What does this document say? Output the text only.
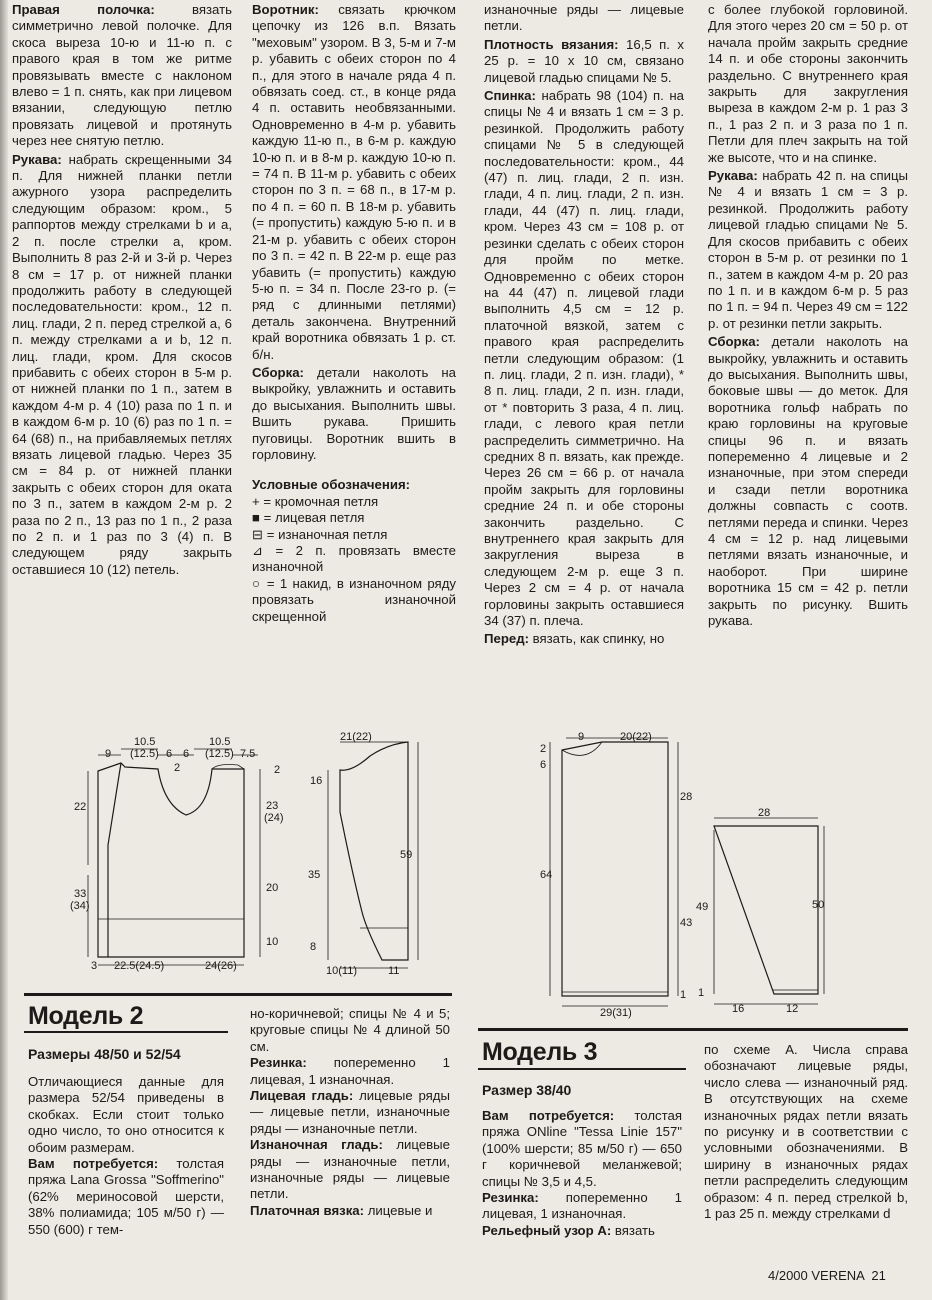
Правая полочка: вязать симметрично левой полочке. Для скоса выреза 10-ю и 11-ю п. с правого края в том же ритме провязывать вместе с наклоном влево = 1 п. снять, как при лицевом вязании, следующую петлю провязать лицевой и протянуть через нее снятую петлю.

Рукава: набрать скрещенными 34 п. Для нижней планки петли ажурного узора распределить следующим образом: кром., 5 раппортов между стрелками b и a, 2 п. после стрелки a, кром. Выполнить 8 раз 2-й и 3-й р. Через 8 см = 17 р. от нижней планки продолжить работу в следующей последовательности: кром., 12 п. лиц. глади, 2 п. перед стрелкой a, 6 п. между стрелками a и b, 12 п. лиц. глади, кром. Для скосов прибавить с обеих сторон в 5-м р. от нижней планки по 1 п., затем в каждом 4-м р. 4 (10) раза по 1 п. и в каждом 6-м р. 10 (6) раз по 1 п. = 64 (68) п., на прибавляемых петлях вязать лицевой гладью. Через 35 см = 84 р. от нижней планки закрыть с обеих сторон для оката по 3 п., затем в каждом 2-м р. 2 раза по 2 п., 13 раз по 1 п., 2 раза по 2 п. и 1 раз по 3 (4) п. В следующем ряду закрыть оставшиеся 10 (12) петель.

Воротник: связать крючком цепочку из 126 в.п. Вязать "меховым" узором. В 3, 5-м и 7-м р. убавить с обеих сторон по 4 п., для этого в начале ряда 4 п. обвязать соед. ст., в конце ряда 4 п. оставить необвязанными. Одновременно в 4-м р. убавить каждую 11-ю п., в 6-м р. каждую 10-ю п. и в 8-м р. каждую 10-ю п. = 74 п. В 11-м р. убавить с обеих сторон по 3 п. = 68 п., в 17-м р. по 4 п. = 60 п. В 18-м р. убавить (= пропустить) каждую 5-ю п. и в 21-м р. убавить с обеих сторон по 3 п. = 42 п. В 22-м р. еще раз убавить (= пропустить) каждую 5-ю п. = 34 п. После 23-го р. (= ряд с длинными петлями) деталь закончена. Внутренний край воротника обвязать 1 р. ст. б/н.

Сборка: детали наколоть на выкройку, увлажнить и оставить до высыхания. Выполнить швы. Вшить рукава. Пришить пуговицы. Воротник вшить в горловину.

Условные обозначения:

+ = кромочная петля

■ = лицевая петля

⊟ = изнаночная петля

⊿ = 2 п. провязать вместе изнаночной

○ = 1 накид, в изнаночном ряду провязать изнаночной скрещенной

изнаночные ряды — лицевые петли.

Плотность вязания: 16,5 п. х 25 р. = 10 х 10 см, связано лицевой гладью спицами № 5.

Спинка: набрать 98 (104) п. на спицы № 4 и вязать 1 см = 3 р. резинкой. Продолжить работу спицами № 5 в следующей последовательности: кром., 44 (47) п. лиц. глади, 2 п. изн. глади, 4 п. лиц. глади, 2 п. изн. глади, 44 (47) п. лиц. глади, кром. Через 43 см = 108 р. от резинки сделать с обеих сторон для пройм по метке. Одновременно с обеих сторон на 44 (47) п. лицевой глади выполнить 4,5 см = 12 р. платочной вязкой, затем с правого края распределить петли следующим образом: (1 п. лиц. глади, 2 п. изн. глади), * 8 п. лиц. глади, 2 п. изн. глади, от * повторить 3 раза, 4 п. лиц. глади, с левого края петли распределить симметрично. На средних 8 п. вязать, как прежде. Через 26 см = 66 р. от начала пройм закрыть для горловины средние 24 п. и обе стороны закончить раздельно. С внутреннего края закрыть для закругления выреза в следующем 2-м р. еще 3 п. Через 2 см = 4 р. от начала горловины закрыть оставшиеся 34 (37) п. плеча.

Перед: вязать, как спинку, но

с более глубокой горловиной. Для этого через 20 см = 50 р. от начала пройм закрыть средние 14 п. и обе стороны закончить раздельно. С внутреннего края закрыть для закругления выреза в каждом 2-м р. 1 раз 3 п., 1 раз 2 п. и 3 раза по 1 п. Петли для плеч закрыть на той же высоте, что и на спинке.

Рукава: набрать 42 п. на спицы № 4 и вязать 1 см = 3 р. резинкой. Продолжить работу лицевой гладью спицами № 5. Для скосов прибавить с обеих сторон в 5-м р. от резинки по 1 п., затем в каждом 4-м р. 20 раз по 1 п. и в каждом 6-м р. 5 раз по 1 п. = 94 п. Через 49 см = 122 р. от резинки петли закрыть.

Сборка: детали наколоть на выкройку, увлажнить и оставить до высыхания. Выполнить швы, боковые швы — до меток. Для воротника гольф набрать по краю горловины на круговые спицы 96 п. и вязать попеременно 4 лицевые и 2 изнаночные, при этом спереди и сзади петли воротника должны совпасть с соотв. петлями переда и спинки. Через 4 см = 12 р. над лицевыми петлями вязать изнаночные, и наоборот. При ширине воротника 15 см = 42 р. петли закрыть по рисунку. Вшить рукава.

9
10.5
(12.5) 6 6
10.5
(12.5) 7.5
2	2
22
33
(34)
23
(24)
20
10
3 22.5(24.5)	24(26)
21(22)
16
35
8
59
10(11)	11
9	20(22)
2
6
64
28
43
1
29(31)
28
49
1
50
16	12
Модель 2
Размеры 48/50 и 52/54

Отличающиеся данные для размера 52/54 приведены в скобках. Если стоит только одно число, то оно относится к обоим размерам.

Вам потребуется: толстая пряжа Lana Grossa "Soffmerino" (62% мериносовой шерсти, 38% полиамида; 105 м/50 г) — 550 (600) г тем-

но-коричневой; спицы № 4 и 5; круговые спицы № 4 длиной 50 см.

Резинка: попеременно 1 лицевая, 1 изнаночная.

Лицевая гладь: лицевые ряды — лицевые петли, изнаночные ряды — изнаночные петли.

Изнаночная гладь: лицевые ряды — изнаночные петли, изнаночные ряды — лицевые петли.

Платочная вязка: лицевые и

Модель 3
Размер 38/40

Вам потребуется: толстая пряжа ONline "Tessa Linie 157" (100% шерсти; 85 м/50 г) — 650 г коричневой меланжевой; спицы № 3,5 и 4,5.

Резинка: попеременно 1 лицевая, 1 изнаночная.

Рельефный узор A: вязать

по схеме A. Числа справа обозначают лицевые ряды, число слева — изнаночный ряд. В отсутствующих на схеме изнаночных рядах петли вязать по рисунку и в соответствии с условными обозначениями. В ширину в изнаночных рядах петли распределить следующим образом: 4 п. перед стрелкой b, 1 раз 25 п. между стрелками d

4/2000 VERENA  21
